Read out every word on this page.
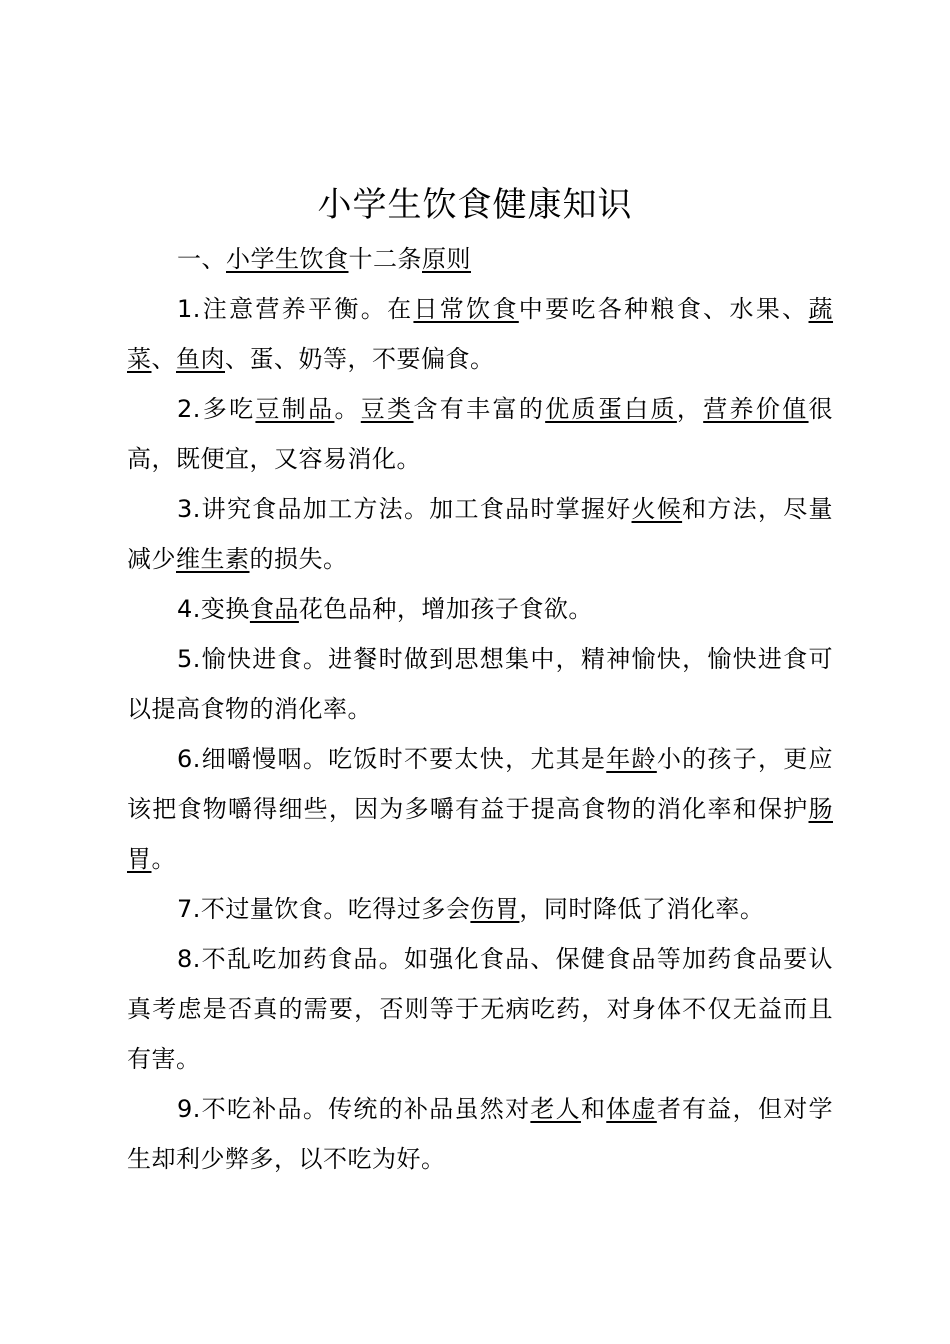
小学生饮食健康知识

一、小学生饮食十二条原则

1.注意营养平衡。在日常饮食中要吃各种粮食、水果、蔬菜、鱼肉、蛋、奶等，不要偏食。

2.多吃豆制品。豆类含有丰富的优质蛋白质，营养价值很高，既便宜，又容易消化。

3.讲究食品加工方法。加工食品时掌握好火候和方法，尽量减少维生素的损失。

4.变换食品花色品种，增加孩子食欲。

5.愉快进食。进餐时做到思想集中，精神愉快，愉快进食可以提高食物的消化率。

6.细嚼慢咽。吃饭时不要太快，尤其是年龄小的孩子，更应该把食物嚼得细些，因为多嚼有益于提高食物的消化率和保护肠胃。

7.不过量饮食。吃得过多会伤胃，同时降低了消化率。

8.不乱吃加药食品。如强化食品、保健食品等加药食品要认真考虑是否真的需要，否则等于无病吃药，对身体不仅无益而且有害。

9.不吃补品。传统的补品虽然对老人和体虚者有益，但对学生却利少弊多，以不吃为好。
